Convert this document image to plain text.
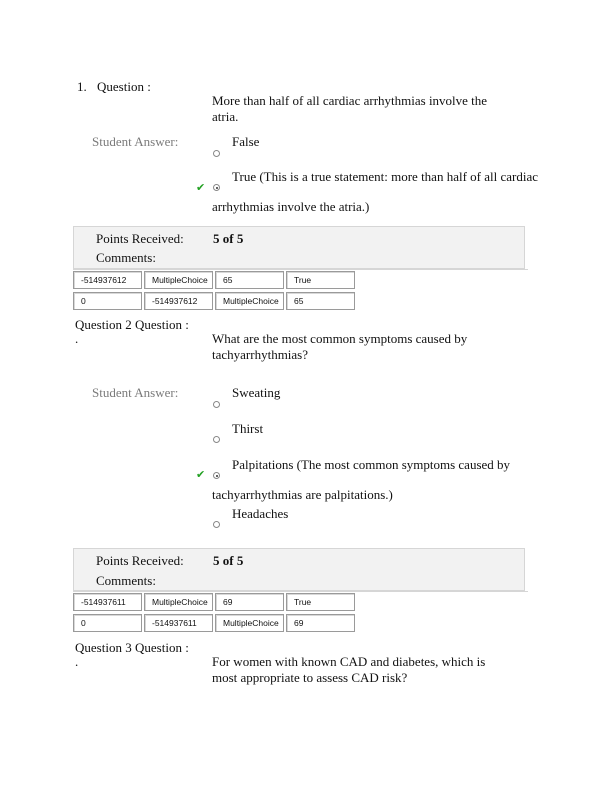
1. Question :
More than half of all cardiac arrhythmias involve the atria.
Student Answer:	False
✔
True (This is a true statement: more than half of all cardiac
arrhythmias involve the atria.)
Points Received: 5 of 5
Comments:
-514937612	MultipleChoice	65	True
0	-514937612	MultipleChoice	65
Question 2 Question :
.	What are the most common symptoms caused by tachyarrhythmias?
Student Answer:	Sweating
Thirst
✔
Palpitations (The most common symptoms caused by
tachyarrhythmias are palpitations.)
Headaches
Points Received: 5 of 5
Comments:
-514937611	MultipleChoice	69	True
0	-514937611	MultipleChoice	69
Question 3 Question :
.	For women with known CAD and diabetes, which is most appropriate to assess CAD risk?
